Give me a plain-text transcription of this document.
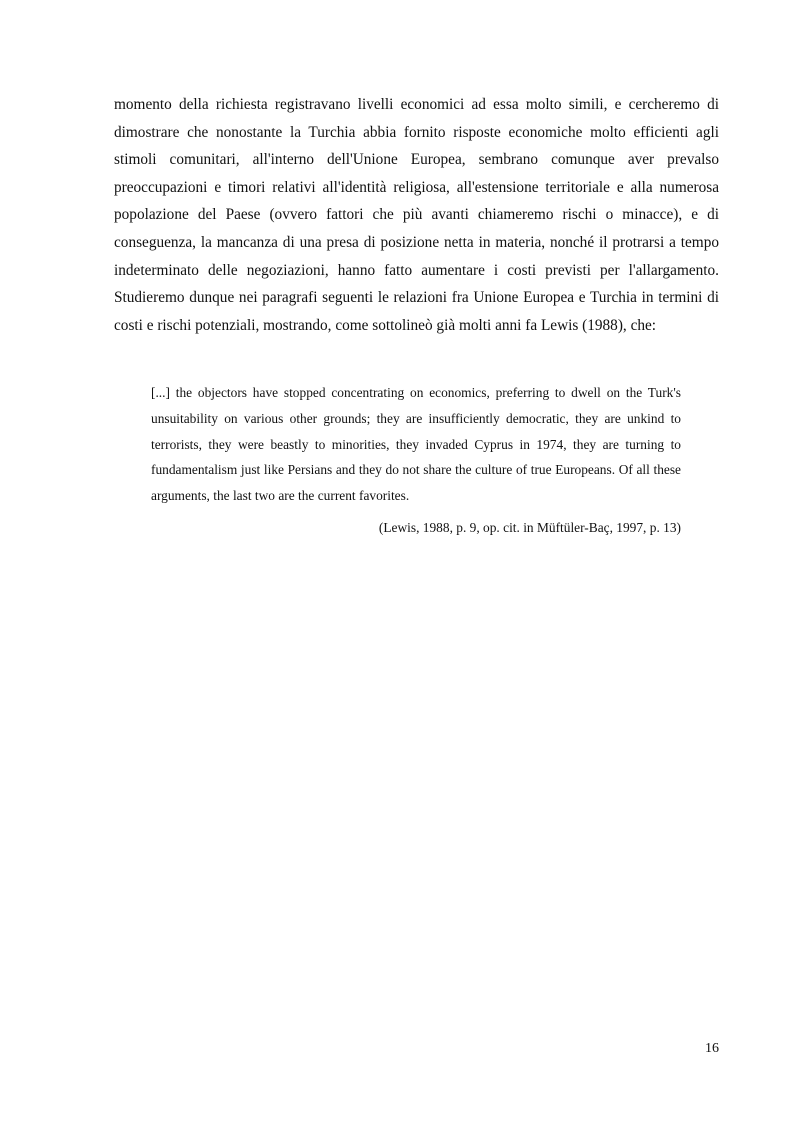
momento della richiesta registravano livelli economici ad essa molto simili, e cercheremo di dimostrare che nonostante la Turchia abbia fornito risposte economiche molto efficienti agli stimoli comunitari, all'interno dell'Unione Europea, sembrano comunque aver prevalso preoccupazioni e timori relativi all'identità religiosa, all'estensione territoriale e alla numerosa popolazione del Paese (ovvero fattori che più avanti chiameremo rischi o minacce), e di conseguenza, la mancanza di una presa di posizione netta in materia, nonché il protrarsi a tempo indeterminato delle negoziazioni, hanno fatto aumentare i costi previsti per l'allargamento. Studieremo dunque nei paragrafi seguenti le relazioni fra Unione Europea e Turchia in termini di costi e rischi potenziali, mostrando, come sottolineò già molti anni fa Lewis (1988), che:

[...] the objectors have stopped concentrating on economics, preferring to dwell on the Turk's unsuitability on various other grounds; they are insufficiently democratic, they are unkind to terrorists, they were beastly to minorities, they invaded Cyprus in 1974, they are turning to fundamentalism just like Persians and they do not share the culture of true Europeans. Of all these arguments, the last two are the current favorites.

(Lewis, 1988, p. 9, op. cit. in Müftüler-Baç, 1997, p. 13)

16
